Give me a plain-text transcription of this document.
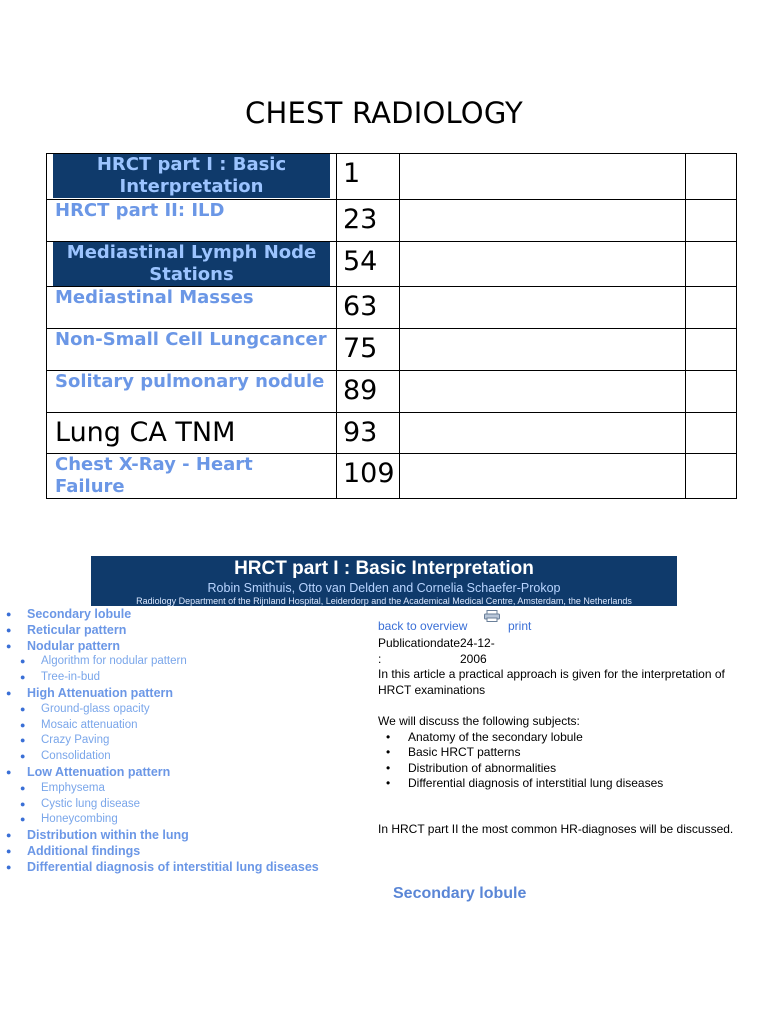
CHEST RADIOLOGY
HRCT part I : Basic Interpretation	1		

HRCT part II: ILD	23		

Mediastinal Lymph Node Stations	54		

Mediastinal Masses	63		

Non-Small Cell Lungcancer	75		

Solitary pulmonary nodule	89		

Lung CA TNM	93		

Chest X-Ray - Heart Failure	109		

HRCT part I : Basic Interpretation
Robin Smithuis, Otto van Delden and Cornelia Schaefer-Prokop
Radiology Department of the Rijnland Hospital, Leiderdorp and the Academical Medical Centre, Amsterdam, the Netherlands
● Secondary lobule
● Reticular pattern
● Nodular pattern
● Algorithm for nodular pattern
● Tree-in-bud
● High Attenuation pattern
● Ground-glass opacity
● Mosaic attenuation
● Crazy Paving
● Consolidation
● Low Attenuation pattern
● Emphysema
● Cystic lung disease
● Honeycombing
● Distribution within the lung
● Additional findings
● Differential diagnosis of interstitial lung diseases
back to overview	print
Publicationdate :
24-12-2006

In this article a practical approach is given for the interpretation of HRCT examinations

We will discuss the following subjects:
• Anatomy of the secondary lobule
• Basic HRCT patterns
• Distribution of abnormalities
• Differential diagnosis of interstitial lung diseases
In HRCT part II the most common HR-diagnoses will be discussed.
Secondary lobule
